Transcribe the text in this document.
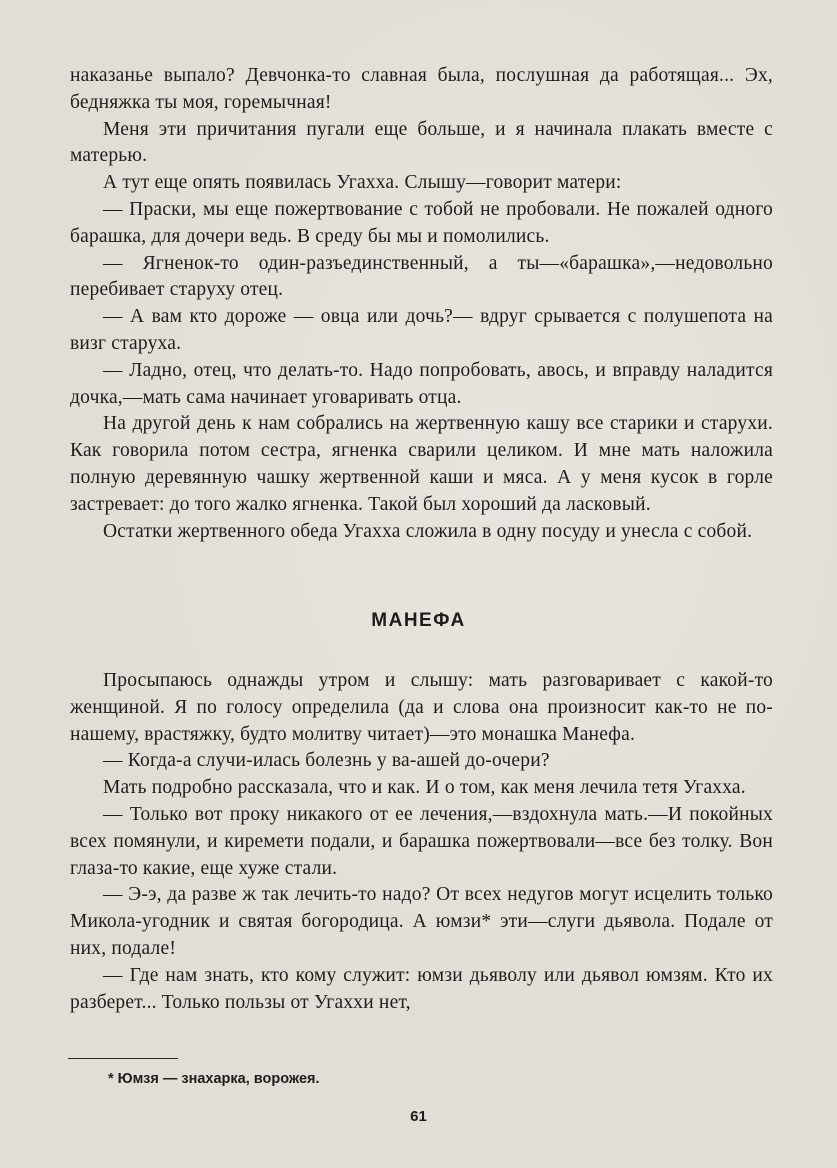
наказанье выпало? Девчонка-то славная была, послушная да работящая... Эх, бедняжка ты моя, горемычная!

Меня эти причитания пугали еще больше, и я начинала плакать вместе с матерью.

А тут еще опять появилась Угахха. Слышу—говорит матери:

— Праски, мы еще пожертвование с тобой не пробовали. Не пожалей одного барашка, для дочери ведь. В среду бы мы и помолились.

— Ягненок-то один-разъединственный, а ты—«барашка»,—недовольно перебивает старуху отец.

— А вам кто дороже — овца или дочь?— вдруг срывается с полушепота на визг старуха.

— Ладно, отец, что делать-то. Надо попробовать, авось, и вправду наладится дочка,—мать сама начинает уговаривать отца.

На другой день к нам собрались на жертвенную кашу все старики и старухи. Как говорила потом сестра, ягненка сварили целиком. И мне мать наложила полную деревянную чашку жертвенной каши и мяса. А у меня кусок в горле застревает: до того жалко ягненка. Такой был хороший да ласковый.

Остатки жертвенного обеда Угахха сложила в одну посуду и унесла с собой.

МАНЕФА

Просыпаюсь однажды утром и слышу: мать разговаривает с какой-то женщиной. Я по голосу определила (да и слова она произносит как-то не по-нашему, врастяжку, будто молитву читает)—это монашка Манефа.

— Когда-а случи-илась болезнь у ва-ашей до-очери?

Мать подробно рассказала, что и как. И о том, как меня лечила тетя Угахха.

— Только вот проку никакого от ее лечения,—вздохнула мать.—И покойных всех помянули, и киремети подали, и барашка пожертвовали—все без толку. Вон глаза-то какие, еще хуже стали.

— Э-э, да разве ж так лечить-то надо? От всех недугов могут исцелить только Микола-угодник и святая богородица. А юмзи* эти—слуги дьявола. Подале от них, подале!

— Где нам знать, кто кому служит: юмзи дьяволу или дьявол юмзям. Кто их разберет... Только пользы от Угахxи нет,

* Юмзя — знахарка, ворожея.
61
